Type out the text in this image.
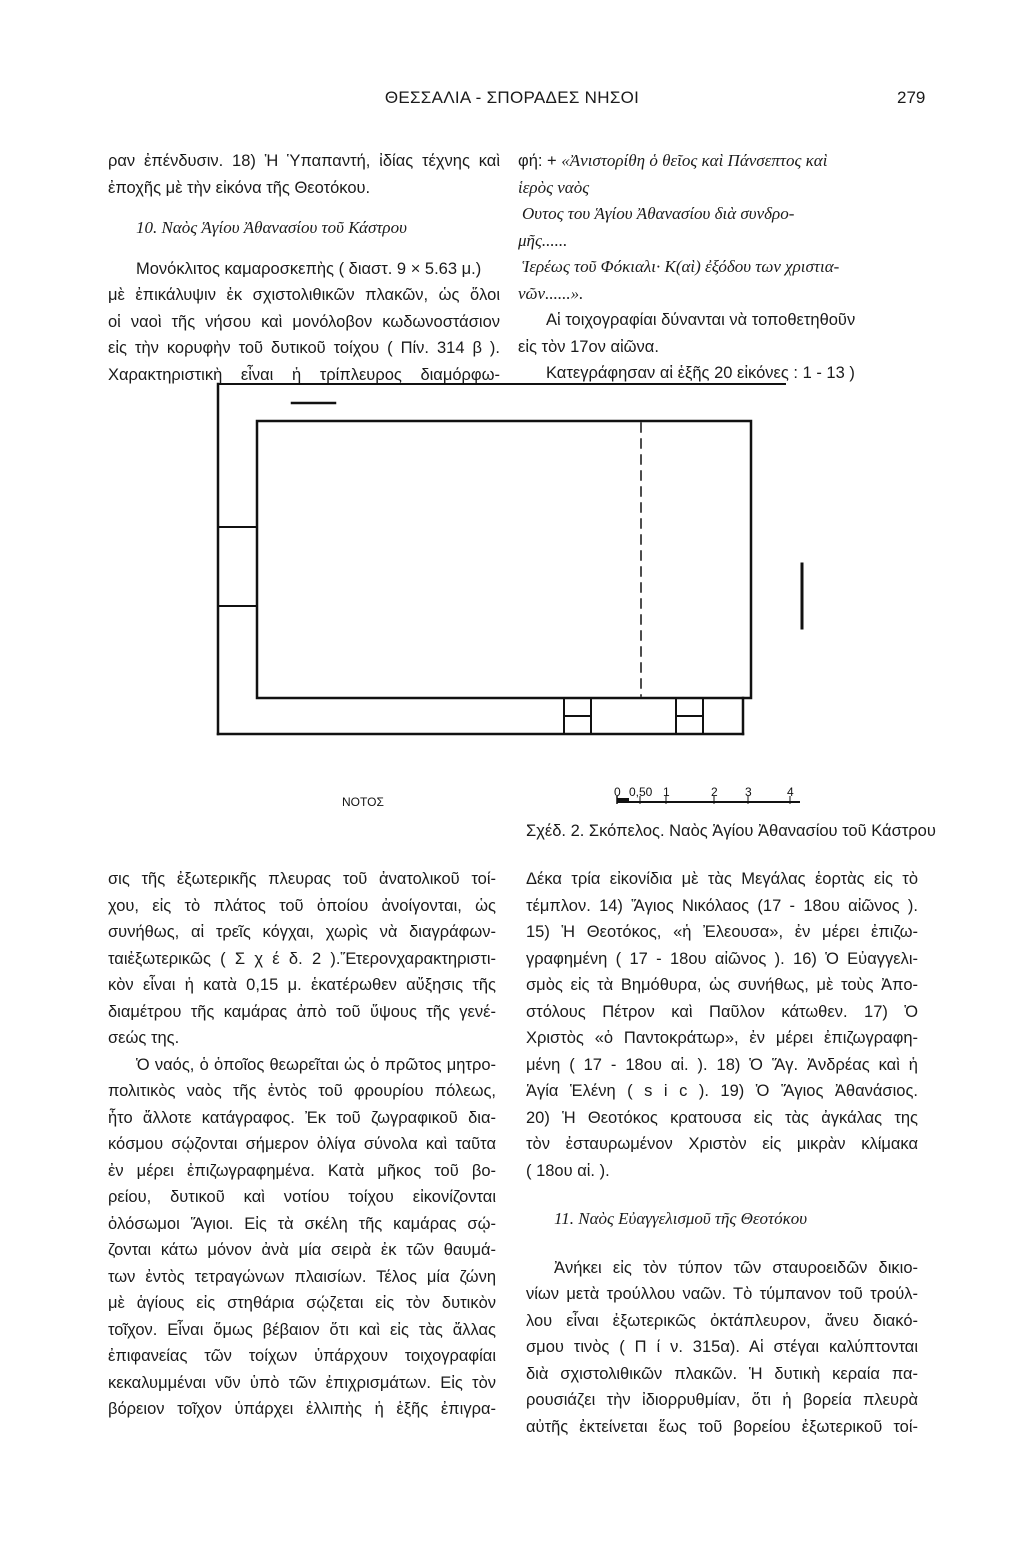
ΘΕΣΣΑΛΙΑ - ΣΠΟΡΑΔΕΣ ΝΗΣΟΙ	279

ραν ἐπένδυσιν. 18) Ἡ Ὑπαπαντή, ἰδίας τέχνης καὶ
ἐποχῆς μὲ τὴν εἰκόνα τῆς Θεοτόκου.

10. Ναὸς Ἁγίου Ἀθανασίου τοῦ Κάστρου

Μονόκλιτος καμαροσκεπὴς ( διαστ. 9 × 5.63 μ.)
μὲ ἐπικάλυψιν ἐκ σχιστολιθικῶν πλακῶν, ὡς ὅλοι
οἱ ναοὶ τῆς νήσου καὶ μονόλοβον κωδωνοστάσιον
εἰς τὴν κορυφὴν τοῦ δυτικοῦ τοίχου ( Πίν. 314 β ).
Χαρακτηριστικὴ εἶναι ἡ τρίπλευρος διαμόρφω-

φή: + «Ἀνιστορίθη ὁ θεῖος καὶ Πάνσεπτος καὶ
ἱερὸς ναὸς
Ουτος του Ἁγίου Ἀθανασίου διὰ συνδρο-
μῆς......
Ἱερέως τοῦ Φόκιαλι· Κ(αὶ) ἐξόδου των χριστια-
νῶν......».

Αἱ τοιχογραφίαι δύνανται νὰ τοποθετηθοῦν
εἰς τὸν 17ον αἰῶνα.

Κατεγράφησαν αἱ ἑξῆς 20 εἰκόνες : 1 - 13 )

ΝΟΤΟΣ
0 0,50 1	2 3	4
Σχέδ. 2. Σκόπελος. Ναὸς Ἁγίου Ἀθανασίου τοῦ Κάστρου

σις τῆς ἐξωτερικῆς πλευρας τοῦ ἀνατολικοῦ τοί-
χου, εἰς τὸ πλάτος τοῦ ὁποίου ἀνοίγονται, ὡς
συνήθως, αἱ τρεῖς κόγχαι, χωρὶς νὰ διαγράφων-
ταιἐξωτερικῶς ( Σ χ έ δ. 2 ).Ἕτερονχαρακτηριστι-
κὸν εἶναι ἡ κατὰ 0,15 μ. ἑκατέρωθεν αὔξησις τῆς
διαμέτρου τῆς καμάρας ἀπὸ τοῦ ὕψους τῆς γενέ-
σεώς της.

Ὁ ναός, ὁ ὁποῖος θεωρεῖται ὡς ὁ πρῶτος μητρο-
πολιτικὸς ναὸς τῆς ἐντὸς τοῦ φρουρίου πόλεως,
ἦτο ἄλλοτε κατάγραφος. Ἐκ τοῦ ζωγραφικοῦ δια-
κόσμου σῴζονται σήμερον ὀλίγα σύνολα καὶ ταῦτα
ἐν μέρει ἐπιζωγραφημένα. Κατὰ μῆκος τοῦ βο-
ρείου, δυτικοῦ καὶ νοτίου τοίχου εἰκονίζονται
ὁλόσωμοι Ἅγιοι. Εἰς τὰ σκέλη τῆς καμάρας σῴ-
ζονται κάτω μόνον ἀνὰ μία σειρὰ ἐκ τῶν θαυμά-
των ἐντὸς τετραγώνων πλαισίων. Τέλος μία ζώνη
μὲ ἁγίους εἰς στηθάρια σῴζεται εἰς τὸν δυτικὸν
τοῖχον. Εἶναι ὅμως βέβαιον ὅτι καὶ εἰς τὰς ἄλλας
ἐπιφανείας τῶν τοίχων ὑπάρχουν τοιχογραφίαι
κεκαλυμμέναι νῦν ὑπὸ τῶν ἐπιχρισμάτων. Εἰς τὸν
βόρειον τοῖχον ὑπάρχει ἐλλιπὴς ἡ ἑξῆς ἐπιγρα-

Δέκα τρία εἰκονίδια μὲ τὰς Μεγάλας ἑορτὰς εἰς τὸ
τέμπλον. 14) Ἅγιος Νικόλαος (17 - 18ου αἰῶνος ).
15) Ἡ Θεοτόκος, «ἡ Ἐλεουσα», ἐν μέρει ἐπιζω-
γραφημένη ( 17 - 18ου αἰῶνος ). 16) Ὁ Εὐαγγελι-
σμὸς εἰς τὰ Βημόθυρα, ὡς συνήθως, μὲ τοὺς Ἀπο-
στόλους Πέτρον καὶ Παῦλον κάτωθεν. 17) Ὁ
Χριστὸς «ὁ Παντοκράτωρ», ἐν μέρει ἐπιζωγραφη-
μένη ( 17 - 18ου αἱ. ). 18) Ὁ Ἅγ. Ἀνδρέας καὶ ἡ
Ἁγία Ἑλένη ( s i c ). 19) Ὁ Ἅγιος Ἀθανάσιος.
20) Ἡ Θεοτόκος κρατουσα εἰς τὰς ἀγκάλας της
τὸν ἐσταυρωμένον Χριστὸν εἰς μικρὰν κλίμακα
( 18ου αἱ. ).

11. Ναὸς Εὐαγγελισμοῦ τῆς Θεοτόκου

Ἀνήκει εἰς τὸν τύπον τῶν σταυροειδῶν δικιο-
νίων μετὰ τρούλλου ναῶν. Τὸ τύμπανον τοῦ τρούλ-
λου εἶναι ἐξωτερικῶς ὀκτάπλευρον, ἄνευ διακό-
σμου τινὸς ( Π ί ν. 315α). Αἱ στέγαι καλύπτονται
διὰ σχιστολιθικῶν πλακῶν. Ἡ δυτικὴ κεραία πα-
ρουσιάζει τὴν ἰδιορρυθμίαν, ὅτι ἡ βορεία πλευρὰ
αὐτῆς ἐκτείνεται ἕως τοῦ βορείου ἐξωτερικοῦ τοί-
